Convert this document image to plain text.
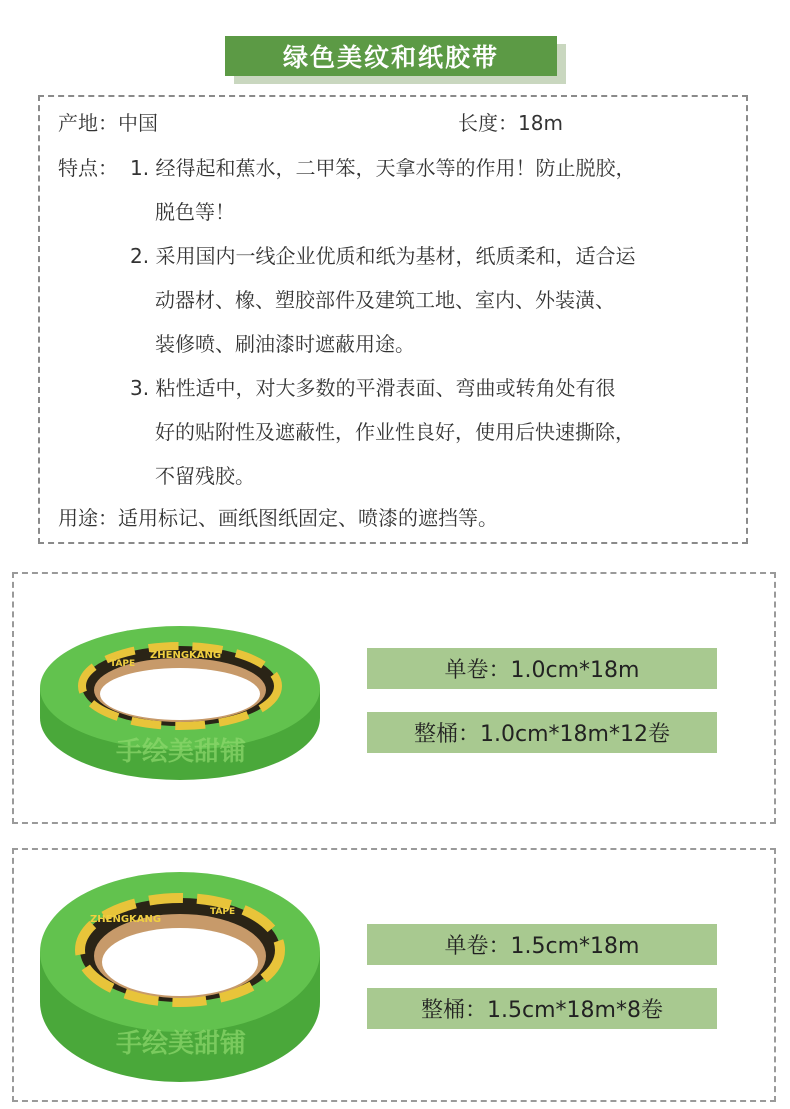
绿色美纹和纸胶带
产地：中国	长度：18m
特点： 1. 经得起和蕉水，二甲笨，天拿水等的作用！防止脱胶，
脱色等！
2. 采用国内一线企业优质和纸为基材，纸质柔和，适合运
动器材、橡、塑胶部件及建筑工地、室内、外装潢、
装修喷、刷油漆时遮蔽用途。
3. 粘性适中，对大多数的平滑表面、弯曲或转角处有很
好的贴附性及遮蔽性，作业性良好，使用后快速撕除，
不留残胶。
用途：适用标记、画纸图纸固定、喷漆的遮挡等。
ZHENGKANG
TAPE
手绘美甜铺
单卷：1.0cm*18m
整桶：1.0cm*18m*12卷
ZHENGKANG
TAPE
手绘美甜铺
单卷：1.5cm*18m
整桶：1.5cm*18m*8卷
